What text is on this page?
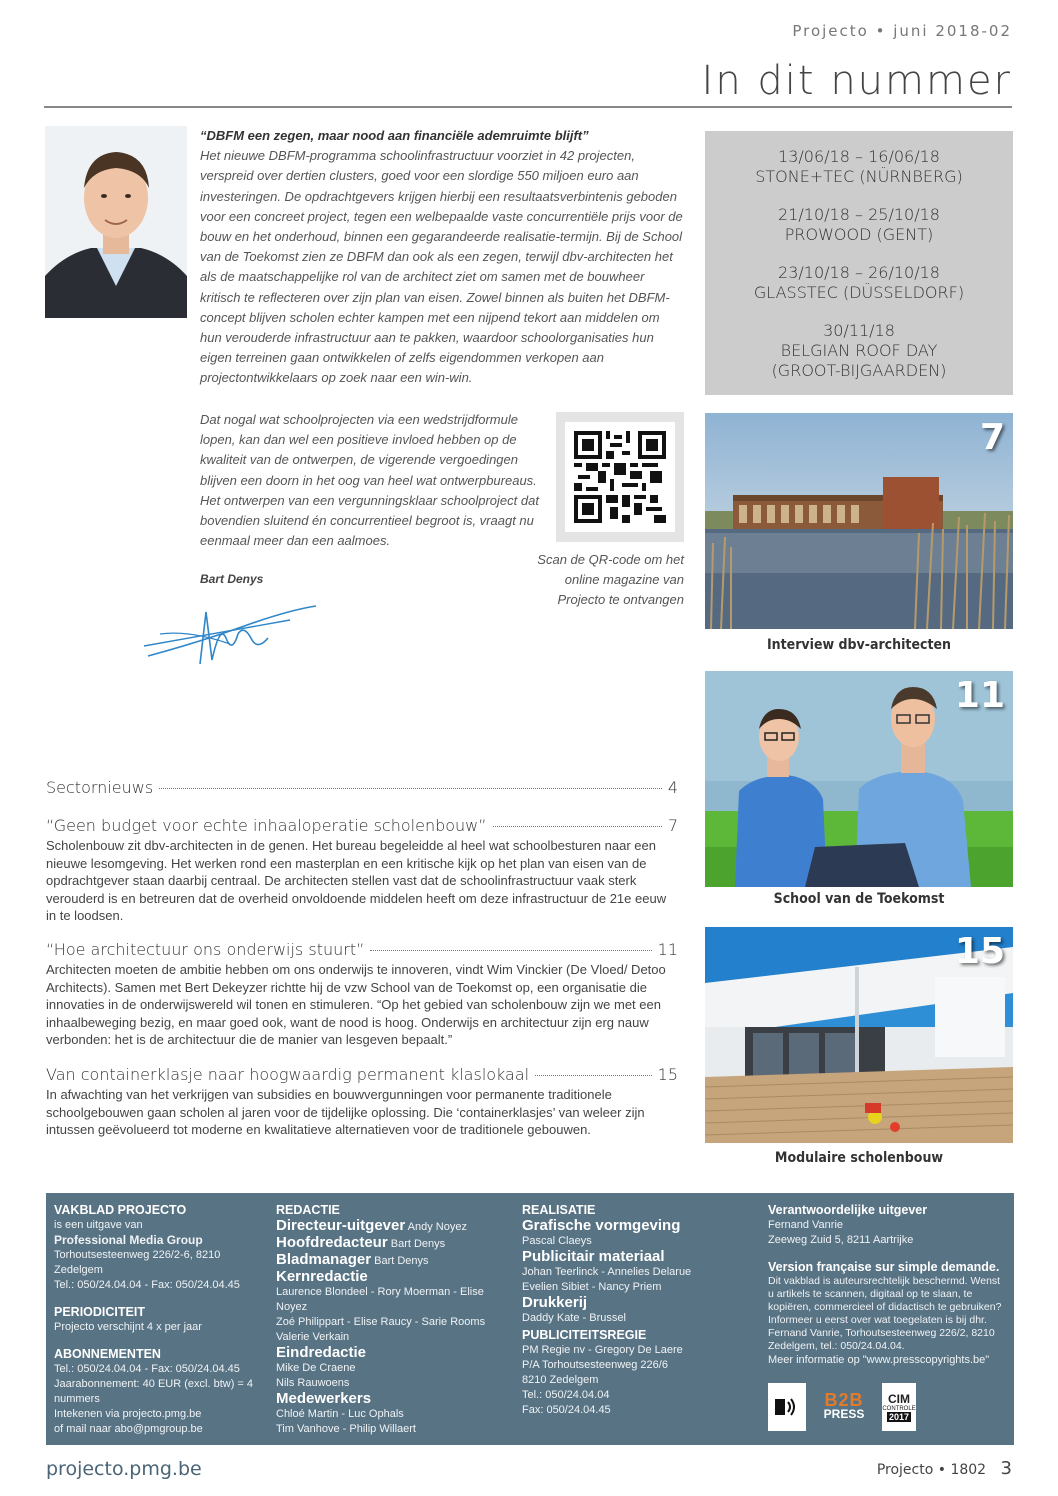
Projecto • juni 2018-02
In dit nummer
“DBFM een zegen, maar nood aan financiële ademruimte blijft”
Het nieuwe DBFM-programma schoolinfrastructuur voorziet in 42 projecten, verspreid over dertien clusters, goed voor een slordige 550 miljoen euro aan investeringen. De opdrachtgevers krijgen hierbij een resultaatsverbintenis geboden voor een concreet project, tegen een welbepaalde vaste concurrentiële prijs voor de bouw en het onderhoud, binnen een gegarandeerde realisatie-termijn. Bij de School van de Toekomst zien ze DBFM dan ook als een zegen, terwijl dbv-architecten het als de maatschappelijke rol van de architect ziet om samen met de bouwheer kritisch te reflecteren over zijn plan van eisen. Zowel binnen als buiten het DBFM-concept blijven scholen echter kampen met een nijpend tekort aan middelen om hun verouderde infrastructuur aan te pakken, waardoor schoolorganisaties hun eigen terreinen gaan ontwikkelen of zelfs eigendommen verkopen aan projectontwikkelaars op zoek naar een win-win.
Dat nogal wat schoolprojecten via een wedstrijdformule lopen, kan dan wel een positieve invloed hebben op de kwaliteit van de ontwerpen, de vigerende vergoedingen blijven een doorn in het oog van heel wat ontwerpbureaus. Het ontwerpen van een vergunningsklaar schoolproject dat bovendien sluitend én concurrentieel begroot is, vraagt nu eenmaal meer dan een aalmoes.
Bart Denys
Scan de QR-code om het online magazine van Projecto te ontvangen
13/06/18 – 16/06/18
STONE+TEC (NÜRNBERG)
21/10/18 – 25/10/18
PROWOOD (GENT)
23/10/18 – 26/10/18
GLASSTEC (DÜSSELDORF)
30/11/18
BELGIAN ROOF DAY
(GROOT-BIJGAARDEN)
7
Interview dbv-architecten
11
School van de Toekomst
15
Modulaire scholenbouw
Sectornieuws	4
“Geen budget voor echte inhaaloperatie scholenbouw”	7
Scholenbouw zit dbv-architecten in de genen. Het bureau begeleidde al heel wat schoolbesturen naar een nieuwe lesomgeving. Het werken rond een masterplan en een kritische kijk op het plan van eisen van de opdrachtgever staan daarbij centraal. De architecten stellen vast dat de schoolinfrastructuur vaak sterk verouderd is en betreuren dat de overheid onvoldoende middelen heeft om deze infrastructuur de 21e eeuw in te loodsen.
“Hoe architectuur ons onderwijs stuurt”	11
Architecten moeten de ambitie hebben om ons onderwijs te innoveren, vindt Wim Vinckier (De Vloed/ Detoo Architects). Samen met Bert Dekeyzer richtte hij de vzw School van de Toekomst op, een organisatie die innovaties in de onderwijswereld wil tonen en stimuleren. “Op het gebied van scholenbouw zijn we met een inhaalbeweging bezig, en maar goed ook, want de nood is hoog. Onderwijs en architectuur zijn erg nauw verbonden: het is de architectuur die de manier van lesgeven bepaalt.”
Van containerklasje naar hoogwaardig permanent klaslokaal	15
In afwachting van het verkrijgen van subsidies en bouwvergunningen voor permanente traditionele schoolgebouwen gaan scholen al jaren voor de tijdelijke oplossing. Die ‘containerklasjes’ van weleer zijn intussen geëvolueerd tot moderne en kwalitatieve alternatieven voor de traditionele gebouwen.
VAKBLAD PROJECTO
is een uitgave van
Professional Media Group
Torhoutsesteenweg 226/2-6, 8210 Zedelgem
Tel.: 050/24.04.04 - Fax: 050/24.04.45
PERIODICITEIT
Projecto verschijnt 4 x per jaar
ABONNEMENTEN
Tel.: 050/24.04.04 - Fax: 050/24.04.45
Jaarabonnement: 40 EUR (excl. btw) = 4 nummers
Intekenen via projecto.pmg.be
of mail naar abo@pmgroup.be
REDACTIE
Directeur-uitgever Andy Noyez
Hoofdredacteur Bart Denys
Bladmanager Bart Denys
Kernredactie
Laurence Blondeel - Rory Moerman - Elise Noyez
Zoé Philippart - Elise Raucy - Sarie Rooms
Valerie Verkain
Eindredactie
Mike De Craene
Nils Rauwoens
Medewerkers
Chloé Martin - Luc Ophals
Tim Vanhove - Philip Willaert
REALISATIE
Grafische vormgeving
Pascal Claeys
Publicitair materiaal
Johan Teerlinck - Annelies Delarue
Evelien Sibiet - Nancy Priem
Drukkerij
Daddy Kate - Brussel
PUBLICITEITSREGIE
PM Regie nv - Gregory De Laere
P/A Torhoutsesteenweg 226/6
8210 Zedelgem
Tel.: 050/24.04.04
Fax: 050/24.04.45
Verantwoordelijke uitgever
Fernand Vanrie
Zeeweg Zuid 5, 8211 Aartrijke
Version française sur simple demande.
Dit vakblad is auteursrechtelijk beschermd. Wenst u artikels te scannen, digitaal op te slaan, te kopiëren, commercieel of didactisch te gebruiken? Informeer u eerst over wat toegelaten is bij dhr. Fernand Vanrie, Torhoutsesteenweg 226/2, 8210 Zedelgem, tel.: 050/24.04.04.
Meer informatie op "www.presscopyrights.be"
B2B
PRESS
CIM
CONTROLE
2017
projecto.pmg.be	Projecto • 1802 3
